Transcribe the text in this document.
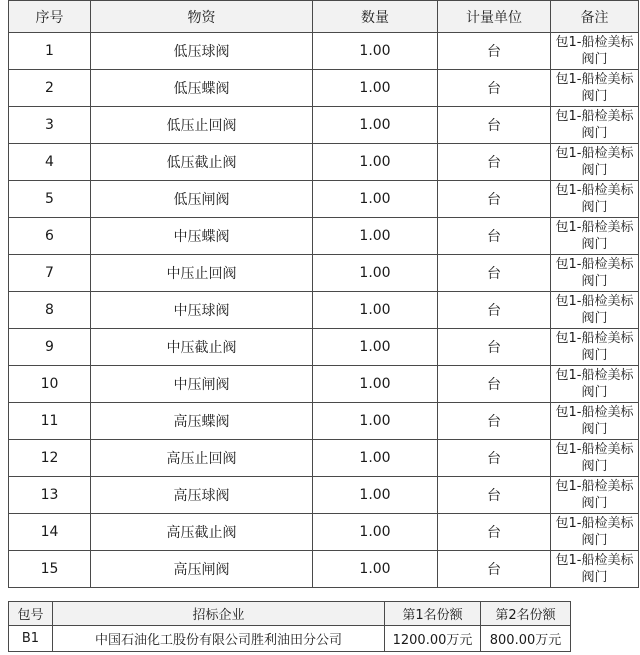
序号	物资	数量	计量单位	备注
1	低压球阀	1.00	台	包1-船检美标阀门
2	低压蝶阀	1.00	台	包1-船检美标阀门
3	低压止回阀	1.00	台	包1-船检美标阀门
4	低压截止阀	1.00	台	包1-船检美标阀门
5	低压闸阀	1.00	台	包1-船检美标阀门
6	中压蝶阀	1.00	台	包1-船检美标阀门
7	中压止回阀	1.00	台	包1-船检美标阀门
8	中压球阀	1.00	台	包1-船检美标阀门
9	中压截止阀	1.00	台	包1-船检美标阀门
10	中压闸阀	1.00	台	包1-船检美标阀门
11	高压蝶阀	1.00	台	包1-船检美标阀门
12	高压止回阀	1.00	台	包1-船检美标阀门
13	高压球阀	1.00	台	包1-船检美标阀门
14	高压截止阀	1.00	台	包1-船检美标阀门
15	高压闸阀	1.00	台	包1-船检美标阀门
包号	招标企业	第1名份额	第2名份额
B1	中国石油化工股份有限公司胜利油田分公司	1200.00万元	800.00万元
